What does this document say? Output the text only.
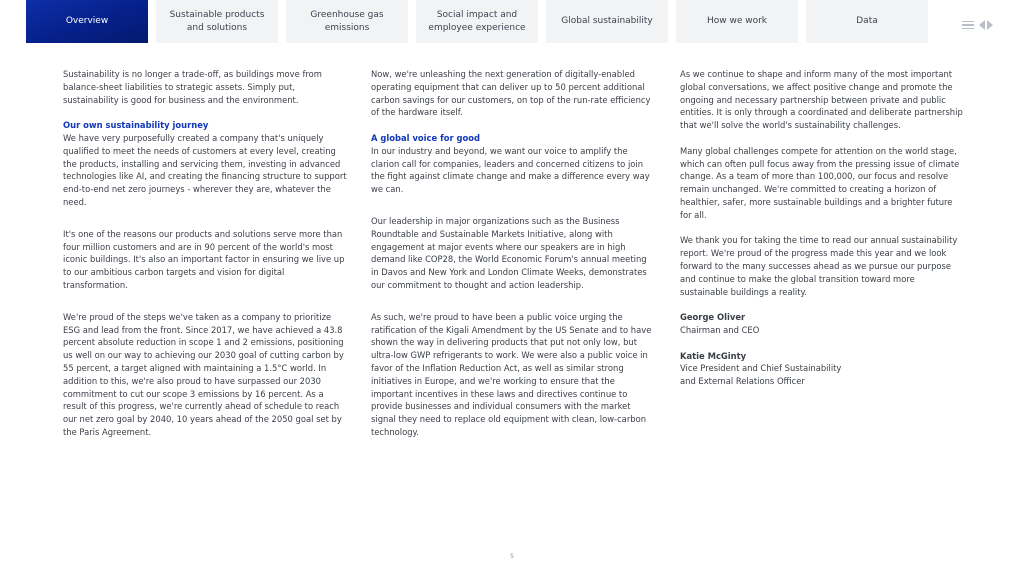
Overview
Sustainable products
and solutions
Greenhouse gas
emissions
Social impact and
employee experience
Global sustainability	How we work	Data

Sustainability is no longer a trade-off, as buildings move from balance-sheet liabilities to strategic assets. Simply put, sustainability is good for business and the environment.

Our own sustainability journey

We have very purposefully created a company that's uniquely qualified to meet the needs of customers at every level, creating the products, installing and servicing them, investing in advanced technologies like AI, and creating the financing structure to support end-to-end net zero journeys - wherever they are, whatever the need.

It's one of the reasons our products and solutions serve more than four million customers and are in 90 percent of the world's most iconic buildings. It's also an important factor in ensuring we live up to our ambitious carbon targets and vision for digital transformation.

We're proud of the steps we've taken as a company to prioritize ESG and lead from the front. Since 2017, we have achieved a 43.8 percent absolute reduction in scope 1 and 2 emissions, positioning us well on our way to achieving our 2030 goal of cutting carbon by 55 percent, a target aligned with maintaining a 1.5°C world. In addition to this, we're also proud to have surpassed our 2030 commitment to cut our scope 3 emissions by 16 percent. As a result of this progress, we're currently ahead of schedule to reach our net zero goal by 2040, 10 years ahead of the 2050 goal set by the Paris Agreement.

Now, we're unleashing the next generation of digitally-enabled operating equipment that can deliver up to 50 percent additional carbon savings for our customers, on top of the run-rate efficiency of the hardware itself.

A global voice for good

In our industry and beyond, we want our voice to amplify the clarion call for companies, leaders and concerned citizens to join the fight against climate change and make a difference every way we can.

Our leadership in major organizations such as the Business Roundtable and Sustainable Markets Initiative, along with engagement at major events where our speakers are in high demand like COP28, the World Economic Forum's annual meeting in Davos and New York and London Climate Weeks, demonstrates our commitment to thought and action leadership.

As such, we're proud to have been a public voice urging the ratification of the Kigali Amendment by the US Senate and to have shown the way in delivering products that put not only low, but ultra-low GWP refrigerants to work. We were also a public voice in favor of the Inflation Reduction Act, as well as similar strong initiatives in Europe, and we're working to ensure that the important incentives in these laws and directives continue to provide businesses and individual consumers with the market signal they need to replace old equipment with clean, low-carbon technology.

As we continue to shape and inform many of the most important global conversations, we affect positive change and promote the ongoing and necessary partnership between private and public entities. It is only through a coordinated and deliberate partnership that we'll solve the world's sustainability challenges.

Many global challenges compete for attention on the world stage, which can often pull focus away from the pressing issue of climate change. As a team of more than 100,000, our focus and resolve remain unchanged. We're committed to creating a horizon of healthier, safer, more sustainable buildings and a brighter future for all.

We thank you for taking the time to read our annual sustainability report. We're proud of the progress made this year and we look forward to the many successes ahead as we pursue our purpose and continue to make the global transition toward more sustainable buildings a reality.

George Oliver

Chairman and CEO

Katie McGinty

Vice President and Chief Sustainability
and External Relations Officer

5
